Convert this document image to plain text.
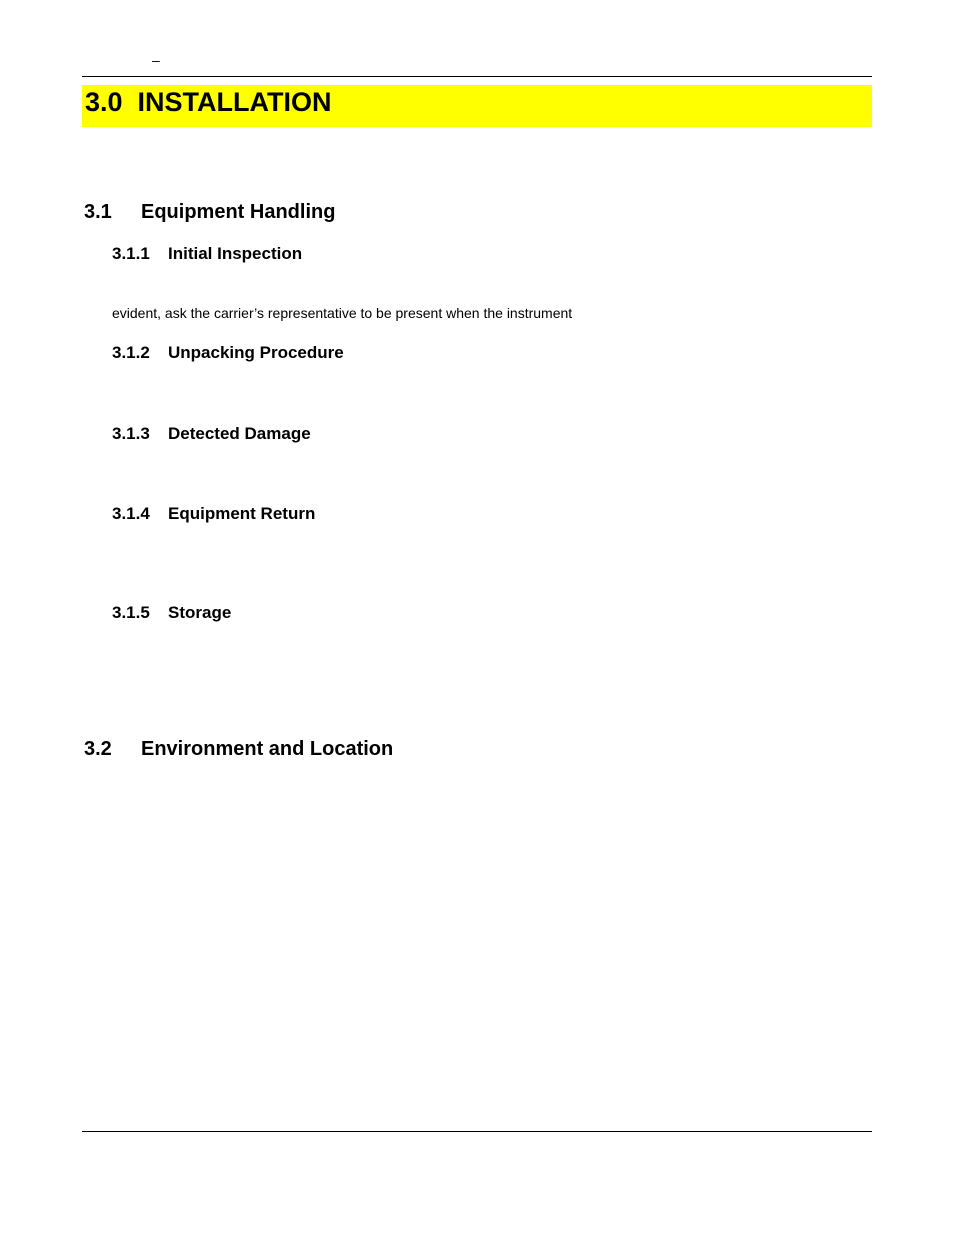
–
3.0  INSTALLATION
3.1 Equipment Handling
3.1.1 Initial Inspection
evident, ask the carrier’s representative to be present when the instrument
3.1.2 Unpacking Procedure
3.1.3 Detected Damage
3.1.4 Equipment Return
3.1.5 Storage
3.2 Environment and Location
